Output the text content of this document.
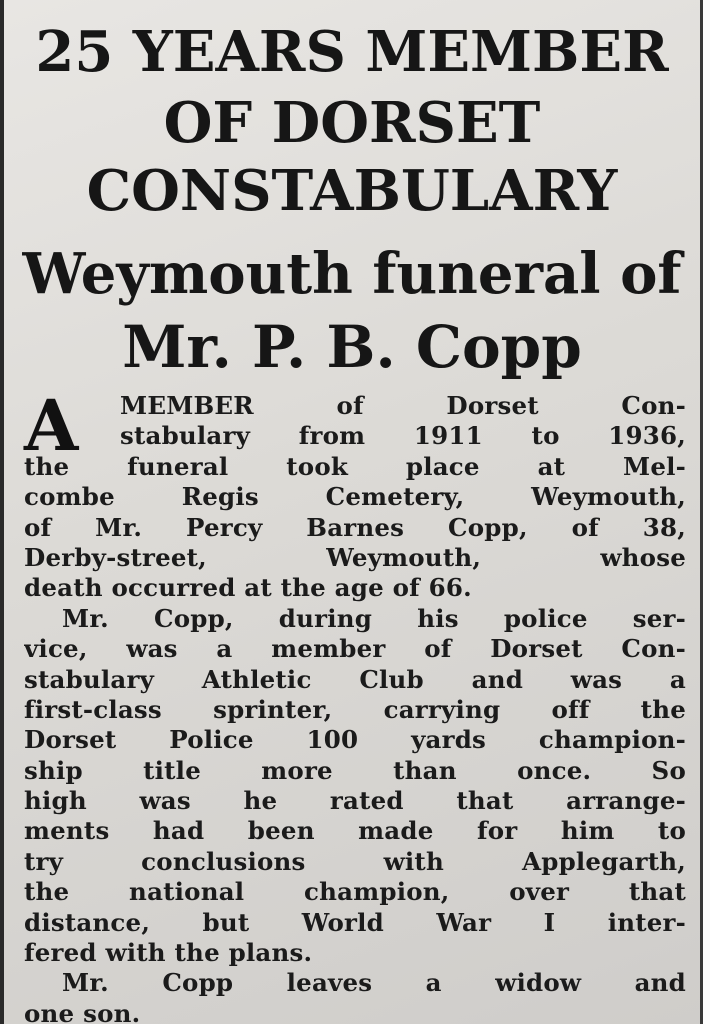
25 YEARS MEMBER
OF DORSET
CONSTABULARY
Weymouth funeral of
Mr. P. B. Copp
A	MEMBER of Dorset Con-
stabulary from 1911 to 1936,
the funeral took place at Mel-
combe Regis Cemetery, Weymouth,
of Mr. Percy Barnes Copp, of 38,
Derby-street, Weymouth, whose
death occurred at the age of 66.
Mr. Copp, during his police ser-
vice, was a member of Dorset Con-
stabulary Athletic Club and was a
first-class sprinter, carrying off the
Dorset Police 100 yards champion-
ship title more than once. So
high was he rated that arrange-
ments had been made for him to
try conclusions with Applegarth,
the national champion, over that
distance, but World War I inter-
fered with the plans.
Mr. Copp leaves a widow and
one son.
